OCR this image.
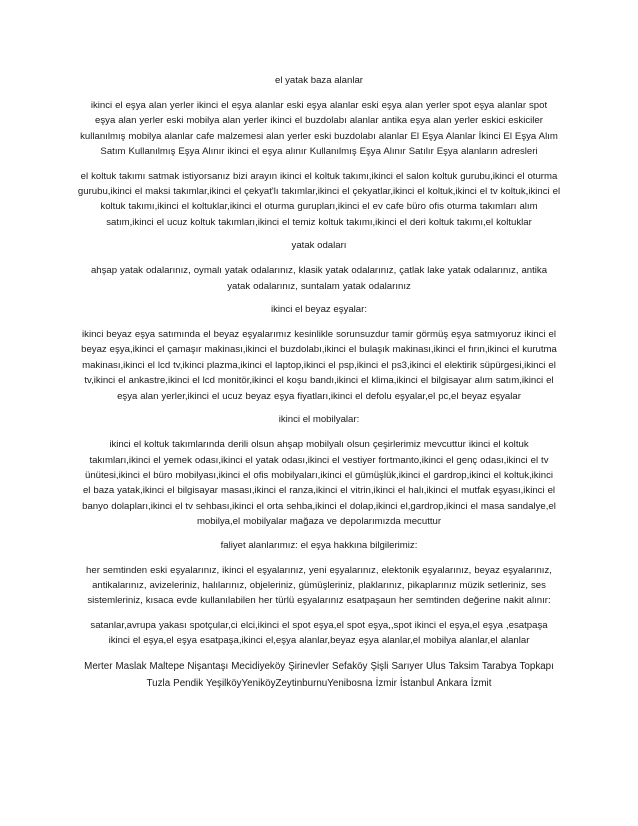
el yatak baza alanlar
ikinci el eşya alan yerler ikinci el eşya alanlar eski eşya alanlar eski eşya alan yerler spot eşya alanlar spot eşya alan yerler eski mobilya alan yerler ikinci el buzdolabı alanlar antika eşya alan yerler eskici eskiciler kullanılmış mobilya alanlar cafe malzemesi alan yerler eski buzdolabı alanlar El Eşya Alanlar İkinci El Eşya Alım Satım Kullanılmış Eşya Alınır ikinci el eşya alınır Kullanılmış Eşya Alınır Satılır Eşya alanların adresleri
el koltuk takımı satmak istiyorsanız bizi arayın ikinci el koltuk takımı,ikinci el salon koltuk gurubu,ikinci el oturma gurubu,ikinci el maksi takımlar,ikinci el çekyat'lı takımlar,ikinci el çekyatlar,ikinci el koltuk,ikinci el tv koltuk,ikinci el koltuk takımı,ikinci el koltuklar,ikinci el oturma gurupları,ikinci el ev cafe büro ofis oturma takımları alım satım,ikinci el ucuz koltuk takımları,ikinci el temiz koltuk takımı,ikinci el deri koltuk takımı,el koltuklar
yatak odaları
ahşap yatak odalarınız, oymalı yatak odalarınız, klasik yatak odalarınız, çatlak lake yatak odalarınız, antika yatak odalarınız, suntalam yatak odalarınız
ikinci el beyaz eşyalar:
ikinci beyaz eşya satımında el beyaz eşyalarımız kesinlikle sorunsuzdur tamir görmüş eşya satmıyoruz ikinci el beyaz eşya,ikinci el çamaşır makinası,ikinci el buzdolabı,ikinci el bulaşık makinası,ikinci el fırın,ikinci el kurutma makinası,ikinci el lcd tv,ikinci plazma,ikinci el laptop,ikinci el psp,ikinci el ps3,ikinci el elektirik süpürgesi,ikinci el tv,ikinci el ankastre,ikinci el lcd monitör,ikinci el koşu bandı,ikinci el klima,ikinci el bilgisayar alım satım,ikinci el eşya alan yerler,ikinci el ucuz beyaz eşya fiyatları,ikinci el defolu eşyalar,el pc,el beyaz eşyalar
ikinci el mobilyalar:
ikinci el koltuk takımlarında derili olsun ahşap mobilyalı olsun çeşirlerimiz mevcuttur ikinci el koltuk takımları,ikinci el yemek odası,ikinci el yatak odası,ikinci el vestiyer fortmanto,ikinci el genç odası,ikinci el tv ünütesi,ikinci el büro mobilyası,ikinci el ofis mobilyaları,ikinci el gümüşlük,ikinci el gardrop,ikinci el koltuk,ikinci el baza yatak,ikinci el bilgisayar masası,ikinci el ranza,ikinci el vitrin,ikinci el halı,ikinci el mutfak eşyası,ikinci el banyo dolapları,ikinci el tv sehbası,ikinci el orta sehba,ikinci el dolap,ikinci el,gardrop,ikinci el masa sandalye,el mobilya,el mobilyalar mağaza ve depolarımızda mecuttur
faliyet alanlarımız: el eşya hakkına bilgilerimiz:
her semtinden eski eşyalarınız, ikinci el eşyalarınız, yeni eşyalarınız, elektonik eşyalarınız, beyaz eşyalarınız, antikalarınız, avizeleriniz, halılarınız, objeleriniz, gümüşleriniz, plaklarınız, pikaplarınız müzik setleriniz, ses sistemleriniz, kısaca evde kullanılabilen her türlü eşyalarınız esatpaşaun her semtinden değerine nakit alınır:
satanlar,avrupa yakası spotçular,ci elci,ikinci el spot eşya,el spot eşya,,spot ikinci el eşya,el eşya ,esatpaşa ikinci el eşya,el eşya esatpaşa,ikinci el,eşya alanlar,beyaz eşya alanlar,el mobilya alanlar,el alanlar
Merter Maslak Maltepe Nişantaşı Mecidiyeköy Şirinevler Sefaköy Şişli Sarıyer Ulus Taksim Tarabya Topkapı Tuzla Pendik YeşilköyYeniköyZeytinburnuYenibosna İzmir İstanbul Ankara İzmit
